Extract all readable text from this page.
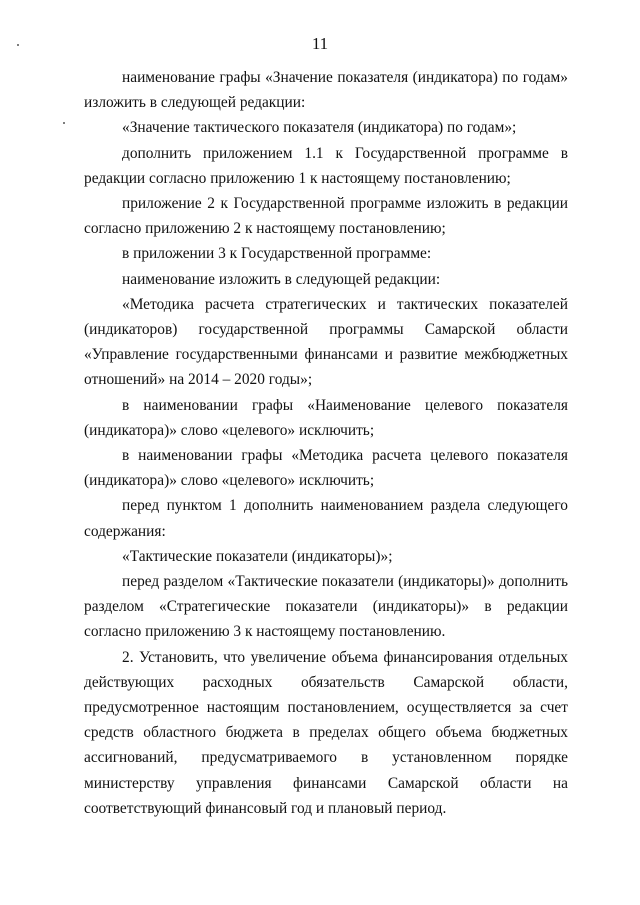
11

наименование графы «Значение показателя (индикатора) по годам» изложить в следующей редакции:

«Значение тактического показателя (индикатора) по годам»;

дополнить приложением 1.1 к Государственной программе в редакции согласно приложению 1 к настоящему постановлению;

приложение 2 к Государственной программе изложить в редакции согласно приложению 2 к настоящему постановлению;

в приложении 3 к Государственной программе:

наименование изложить в следующей редакции:

«Методика расчета стратегических и тактических показателей (индикаторов) государственной программы Самарской области «Управление государственными финансами и развитие межбюджетных отношений» на 2014 – 2020 годы»;

в наименовании графы «Наименование целевого показателя (индикатора)» слово «целевого» исключить;

в наименовании графы «Методика расчета целевого показателя (индикатора)» слово «целевого» исключить;

перед пунктом 1 дополнить наименованием раздела следующего содержания:

«Тактические показатели (индикаторы)»;

перед разделом «Тактические показатели (индикаторы)» дополнить разделом «Стратегические показатели (индикаторы)» в редакции согласно приложению 3 к настоящему постановлению.

2. Установить, что увеличение объема финансирования отдельных действующих расходных обязательств Самарской области, предусмотренное настоящим постановлением, осуществляется за счет средств областного бюджета в пределах общего объема бюджетных ассигнований, предусматриваемого в установленном порядке министерству управления финансами Самарской области на соответствующий финансовый год и плановый период.
